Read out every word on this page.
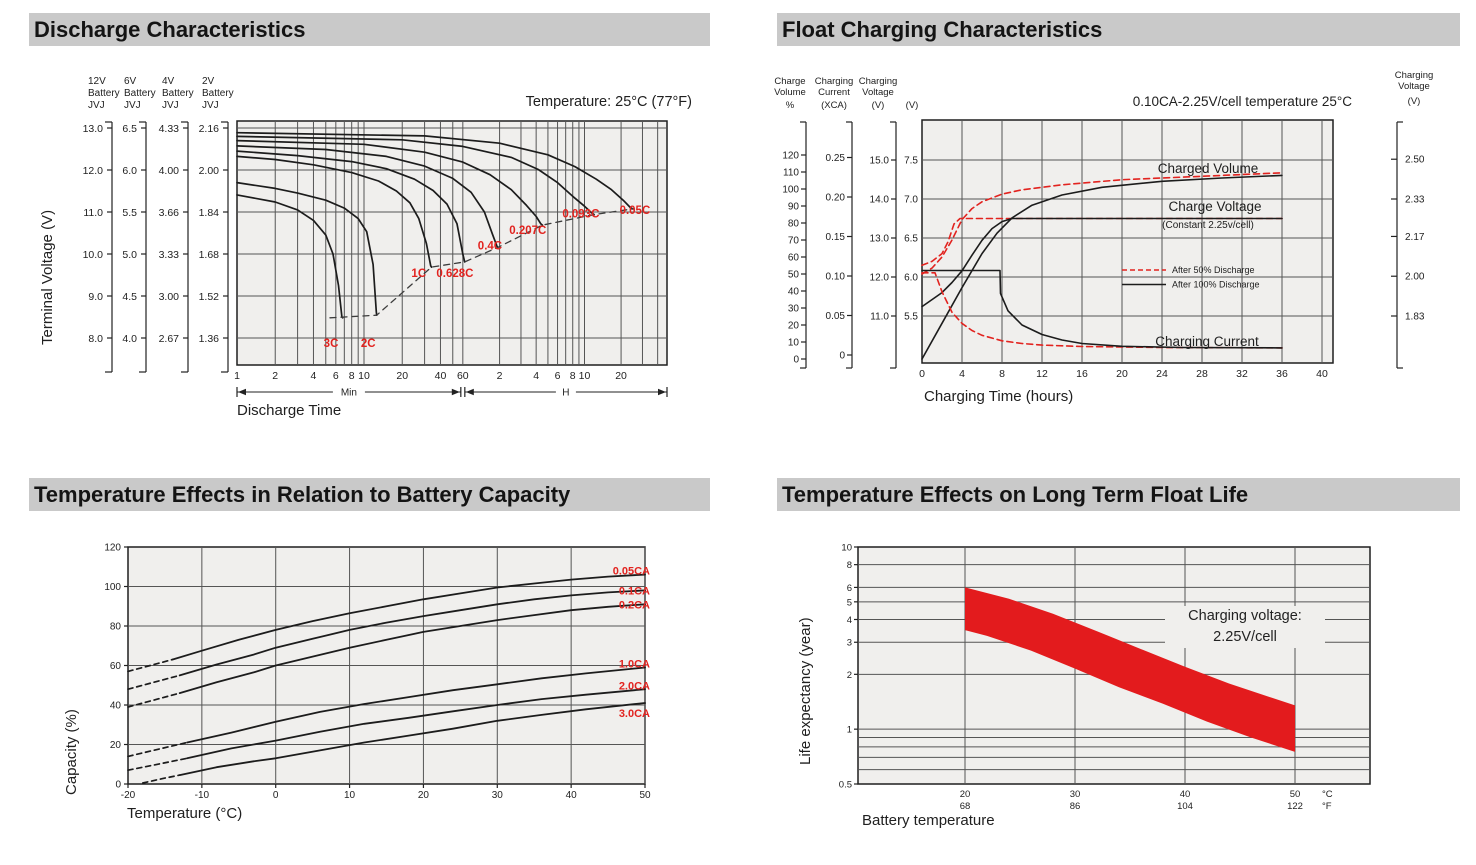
12V
Battery
JVJ
13.0
12.0
11.0
10.0
9.0
8.0
6V
Battery
JVJ
6.5
6.0
5.5
5.0
4.5
4.0
4V
Battery
JVJ
4.33
4.00
3.66
3.33
3.00
2.67
2V
Battery
JVJ
2.16
2.00
1.84
1.68
1.52
1.36	3C 2C
1C 0.628C
0.4C
0.207C
0.093C 0.05C
1	2	4 6 8 10	20	40 60	2	4 6 8 10 20
Min	H
Discharge Characteristics
Terminal Voltage (V)
Temperature: 25°C (77°F)
Discharge Time
Charge
Volume
%
0
10
20
30
40
50
60
70
80
90
100
110
120
Charging
Current
(XCA)
0
0.05
0.10
0.15
0.20
0.25
Charging
Voltage
(V)
11.0
12.0
13.0
14.0
15.0
(V)
5.5
6.0
6.5
7.0
7.5
Charging
Voltage
(V)
2.50
2.33
2.17
2.00
1.83
After 50% Discharge
After 100% Discharge
0	4	8	12	16	20	24	28	32	36	40
Float Charging Characteristics
0.10CA-2.25V/cell temperature 25°C
Charged Volume
Charge Voltage
(Constant 2.25v/cell)
Charging Current
Charging Time (hours)
0
20
40
60
80
100
120
-20	-10	0	10	20	30	40	50
0.05CA
0.1CA
0.2CA
1.0CA
2.0CA
3.0CA
Temperature Effects in Relation to Battery Capacity
Capacity (%)
Temperature (°C)
10
8
6
5
4
3
2
1
0.5
20
68
30
86
40
104
50
122
°C
°F
Temperature Effects on Long Term Float Life
Life expectancy (year)
Charging voltage:
2.25V/cell
Battery temperature
